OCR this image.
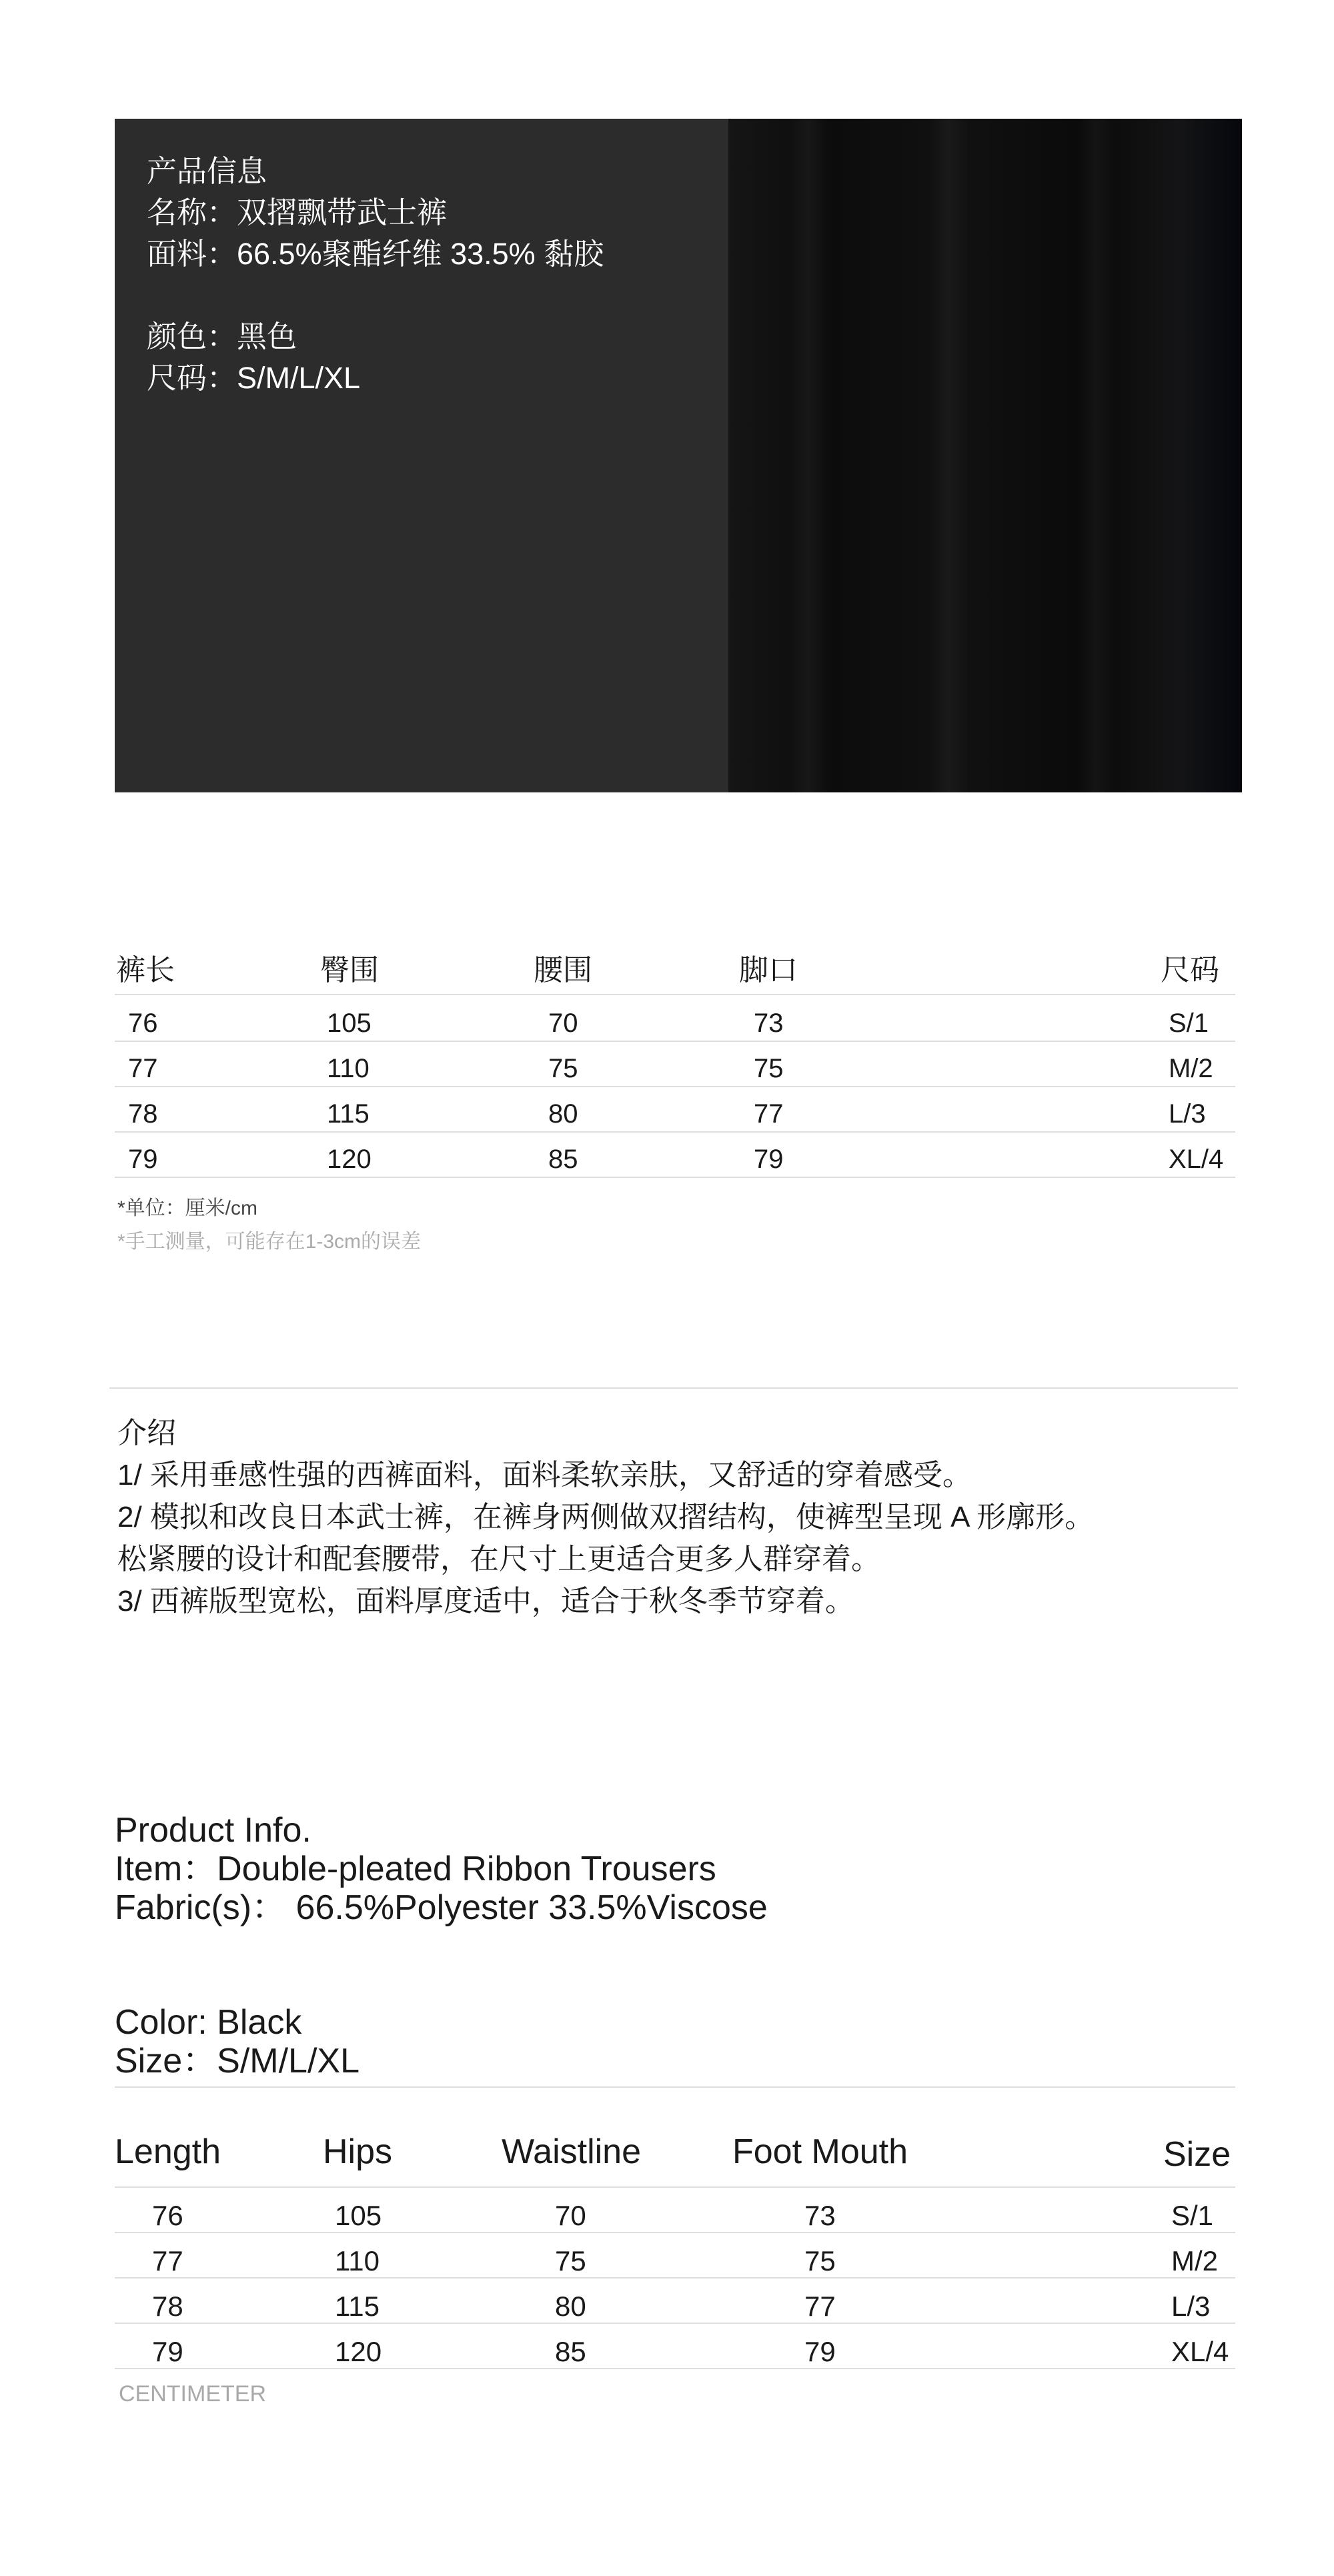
产品信息
名称：双摺飘带武士裤
面料：66.5%聚酯纤维 33.5% 黏胶
颜色：黑色
尺码：S/M/L/XL
裤长	臀围	腰围	脚口	尺码
76	105	70	73	S/1
77	110	75	75	M/2
78	115	80	77	L/3
79	120	85	79	XL/4
*单位：厘米/cm
*手工测量，可能存在1-3cm的误差
介绍
1/ 采用垂感性强的西裤面料，面料柔软亲肤，又舒适的穿着感受。
2/ 模拟和改良日本武士裤，在裤身两侧做双摺结构，使裤型呈现 A 形廓形。
松紧腰的设计和配套腰带，在尺寸上更适合更多人群穿着。
3/ 西裤版型宽松，面料厚度适中，适合于秋冬季节穿着。
Product Info.
Item：Double-pleated Ribbon Trousers
Fabric(s)： 66.5%Polyester 33.5%Viscose
Color: Black
Size：S/M/L/XL
Length	Hips	Waistline	Foot Mouth	Size
76	105	70	73	S/1
77	110	75	75	M/2
78	115	80	77	L/3
79	120	85	79	XL/4
CENTIMETER
